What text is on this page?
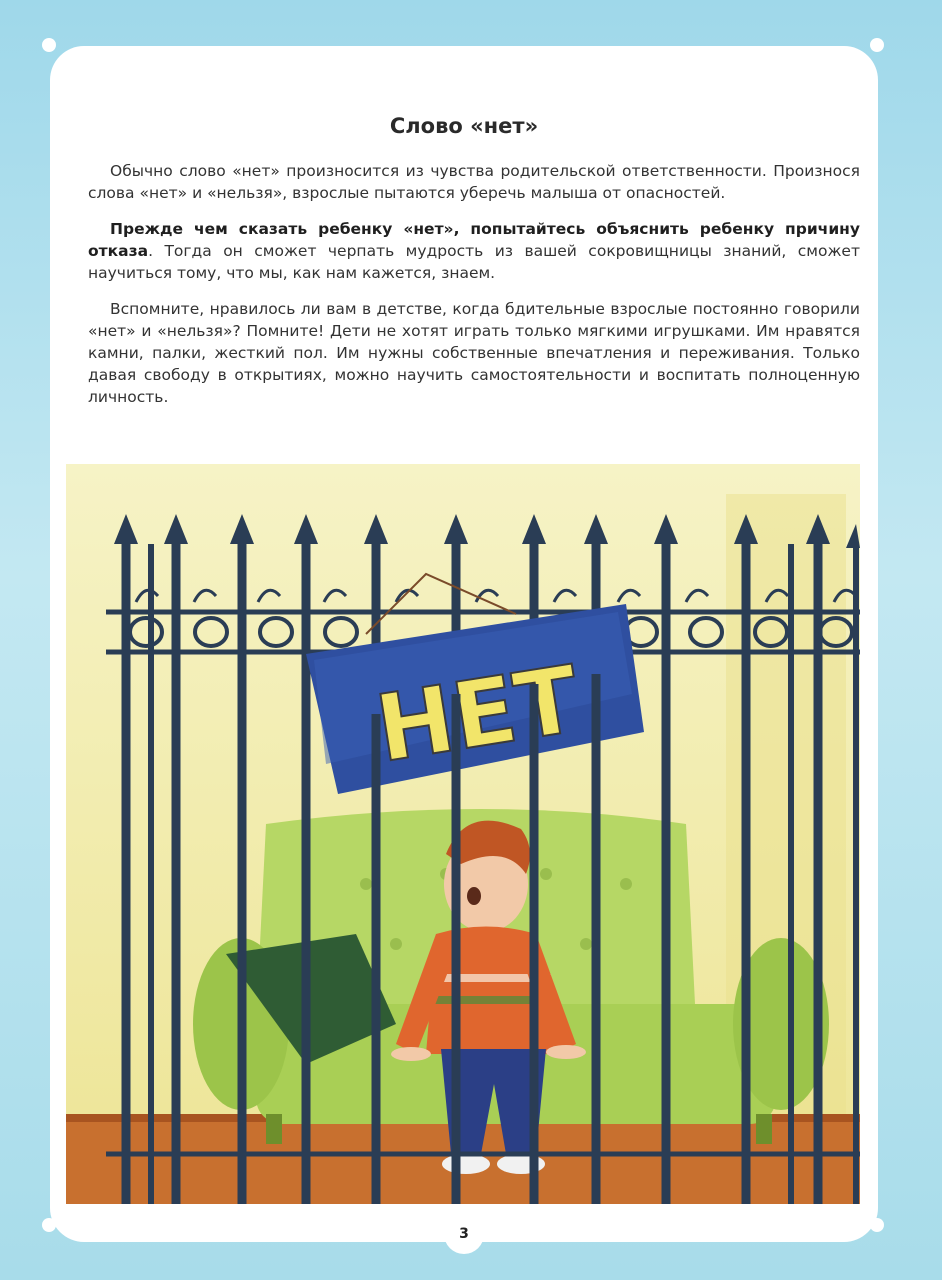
Слово «нет»

Обычно слово «нет» произносится из чувства родительской ответственности. Произнося слова «нет» и «нельзя», взрослые пытаются уберечь малыша от опасностей.

Прежде чем сказать ребенку «нет», попытайтесь объяснить ребенку причину отказа. Тогда он сможет черпать мудрость из вашей сокровищницы знаний, сможет научиться тому, что мы, как нам кажется, знаем.

Вспомните, нравилось ли вам в детстве, когда бдительные взрослые постоянно говорили «нет» и «нельзя»? Помните! Дети не хотят играть только мягкими игрушками. Им нравятся камни, палки, жесткий пол. Им нужны собственные впечатления и переживания. Только давая свободу в открытиях, можно научить самостоятельности и воспитать полноценную личность.

НЕТ
3
